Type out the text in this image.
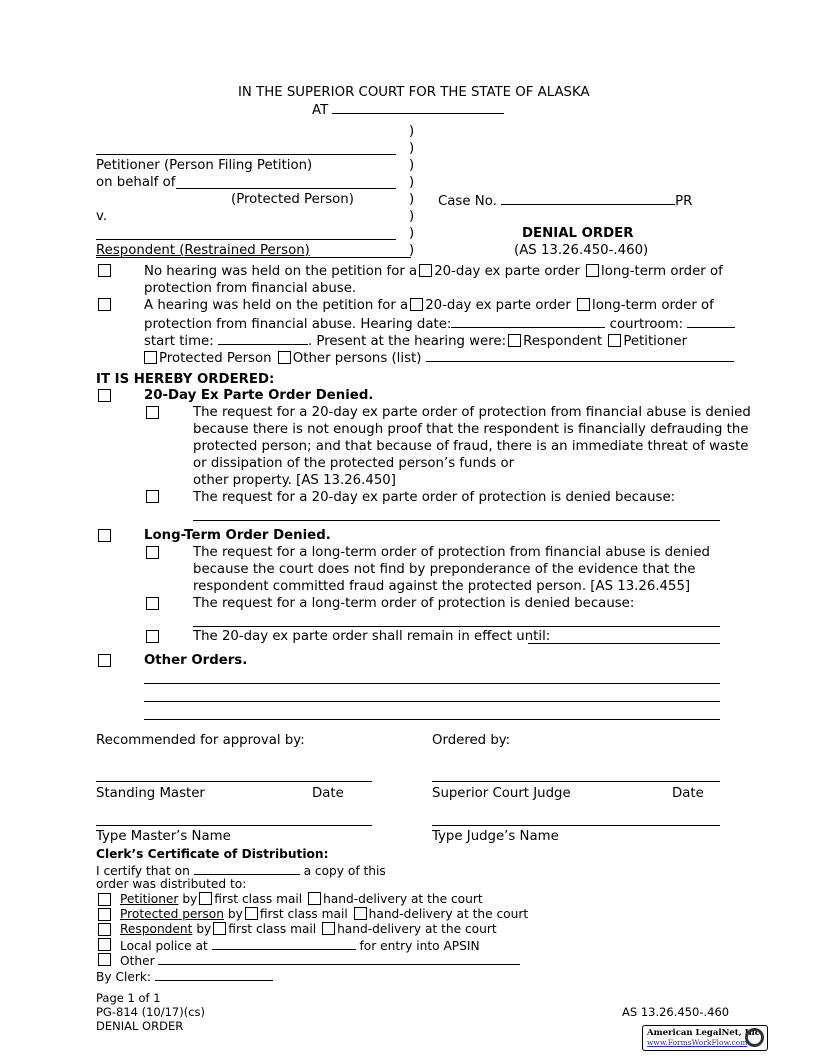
IN THE SUPERIOR COURT FOR THE STATE OF ALASKA
AT
)
)
)
)
)
)
)
)
Petitioner (Person Filing Petition)
on behalf of
(Protected Person)
v.
Respondent (Restrained Person)
Case No.	PR
DENIAL ORDER
(AS 13.26.450-.460)
No hearing was held on the petition for a 20-day ex parte order long-term order of
protection from financial abuse.
A hearing was held on the petition for a 20-day ex parte order long-term order of
protection from financial abuse. Hearing date:	courtroom:
start time:	. Present at the hearing were: Respondent Petitioner
Protected Person Other persons (list)
IT IS HEREBY ORDERED:
20-Day Ex Parte Order Denied.
The request for a 20-day ex parte order of protection from financial abuse is denied
because there is not enough proof that the respondent is financially defrauding the
protected person; and that because of fraud, there is an immediate threat of waste
or dissipation of the protected person’s funds or
other property. [AS 13.26.450]
The request for a 20-day ex parte order of protection is denied because:
Long-Term Order Denied.
The request for a long-term order of protection from financial abuse is denied
because the court does not find by preponderance of the evidence that the
respondent committed fraud against the protected person. [AS 13.26.455]
The request for a long-term order of protection is denied because:
The 20-day ex parte order shall remain in effect until:
Other Orders.
Recommended for approval by:	Ordered by:
Standing Master	Date	Superior Court Judge	Date
Type Master’s Name	Type Judge’s Name
Clerk’s Certificate of Distribution:
I certify that on	a copy of this
order was distributed to:
Petitioner by first class mail hand-delivery at the court
Protected person by first class mail hand-delivery at the court
Respondent by first class mail hand-delivery at the court
Local police at	for entry into APSIN
Other
By Clerk:
Page 1 of 1
PG-814 (10/17)(cs)
DENIAL ORDER
AS 13.26.450-.460
American LegalNet, Inc.
www.FormsWorkFlow.com
